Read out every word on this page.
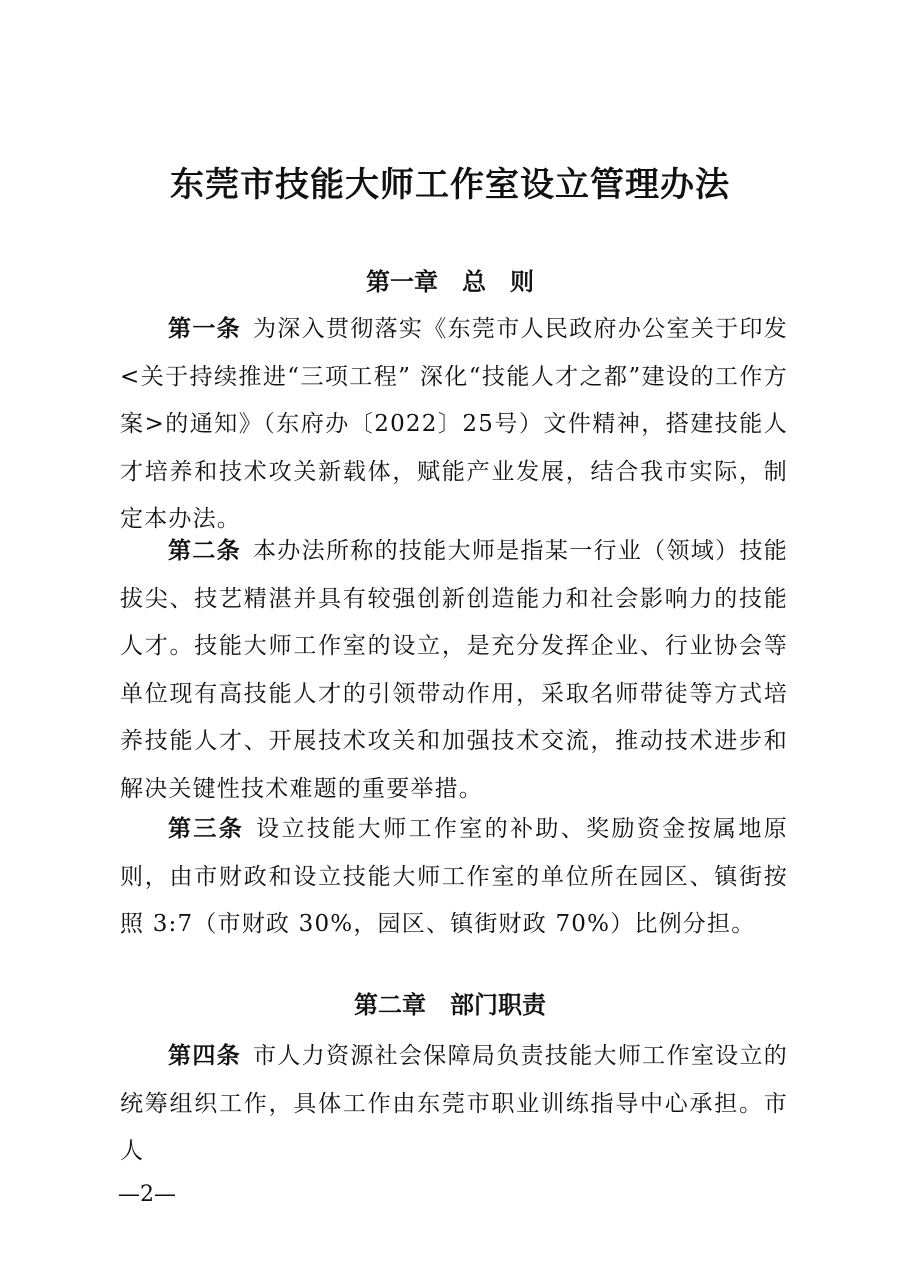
东莞市技能大师工作室设立管理办法
第一章　 总　则

第一条 为深入贯彻落实《东莞市人民政府办公室关于印发<关于持续推进“三项工程” 深化“技能人才之都”建设的工作方案>的通知》（东府办〔2022〕25号）文件精神，搭建技能人才培养和技术攻关新载体，赋能产业发展，结合我市实际，制定本办法。

第二条 本办法所称的技能大师是指某一行业（领域）技能拔尖、技艺精湛并具有较强创新创造能力和社会影响力的技能人才。技能大师工作室的设立，是充分发挥企业、行业协会等单位现有高技能人才的引领带动作用，采取名师带徒等方式培养技能人才、开展技术攻关和加强技术交流，推动技术进步和解决关键性技术难题的重要举措。

第三条 设立技能大师工作室的补助、奖励资金按属地原则，由市财政和设立技能大师工作室的单位所在园区、镇街按照 3:7（市财政 30%，园区、镇街财政 70%）比例分担。

第二章　 部门职责

第四条 市人力资源社会保障局负责技能大师工作室设立的统筹组织工作，具体工作由东莞市职业训练指导中心承担。市人

—2—
